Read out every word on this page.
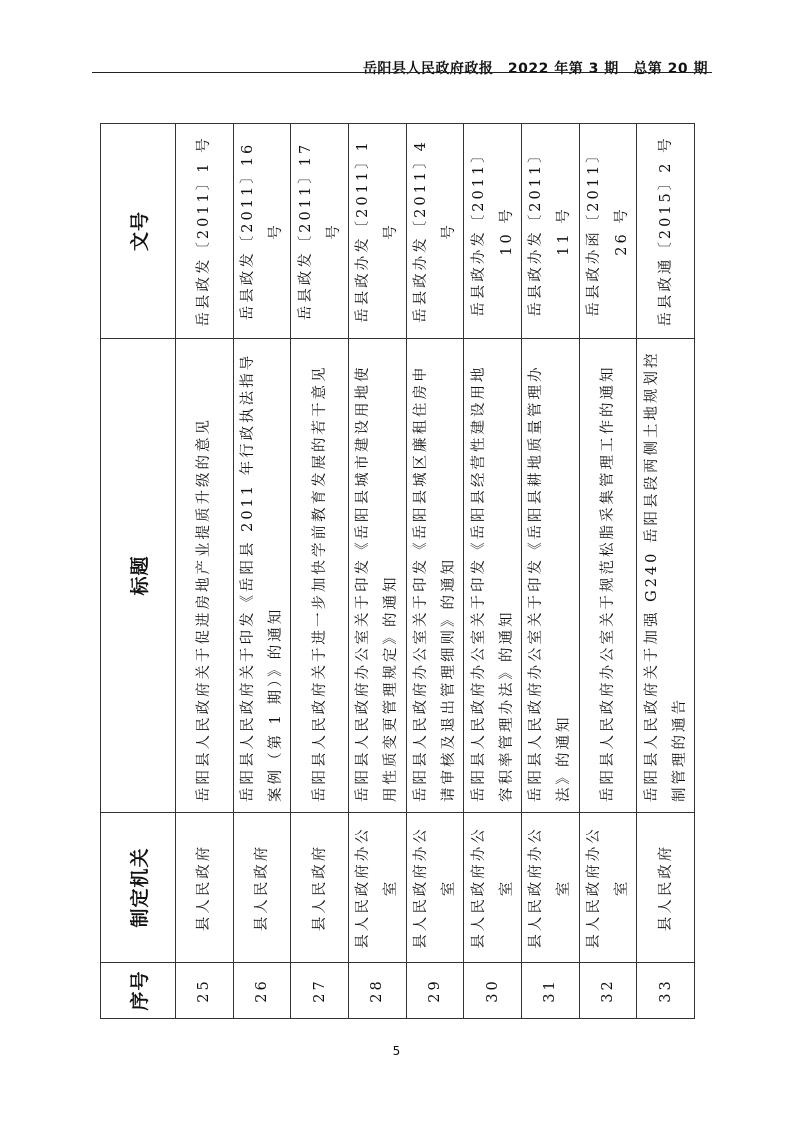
岳阳县人民政府政报　2022 年第 3 期　总第 20 期
序号	制定机关	标题	文号
25	县人民政府	岳阳县人民政府关于促进房地产业提质升级的意见	岳县政发〔2011〕1 号
26	县人民政府	岳阳县人民政府关于印发《岳阳县 2011 年行政执法指导案例（第 1 期）》的通知	岳县政发〔2011〕16 号
27	县人民政府	岳阳县人民政府关于进一步加快学前教育发展的若干意见	岳县政发〔2011〕17 号
28	县人民政府办公室	岳阳县人民政府办公室关于印发《岳阳县城市建设用地使用性质变更管理规定》的通知	岳县政办发〔2011〕1 号
29	县人民政府办公室	岳阳县人民政府办公室关于印发《岳阳县城区廉租住房申请审核及退出管理细则》的通知	岳县政办发〔2011〕4 号
30	县人民政府办公室	岳阳县人民政府办公室关于印发《岳阳县经营性建设用地容积率管理办法》的通知	岳县政办发〔2011〕10 号
31	县人民政府办公室	岳阳县人民政府办公室关于印发《岳阳县耕地质量管理办法》的通知	岳县政办发〔2011〕11 号
32	县人民政府办公室	岳阳县人民政府办公室关于规范松脂采集管理工作的通知	岳县政办函〔2011〕26 号
33	县人民政府	岳阳县人民政府关于加强 G240 岳阳县段两侧土地规划控制管理的通告	岳县政通〔2015〕2 号
5
